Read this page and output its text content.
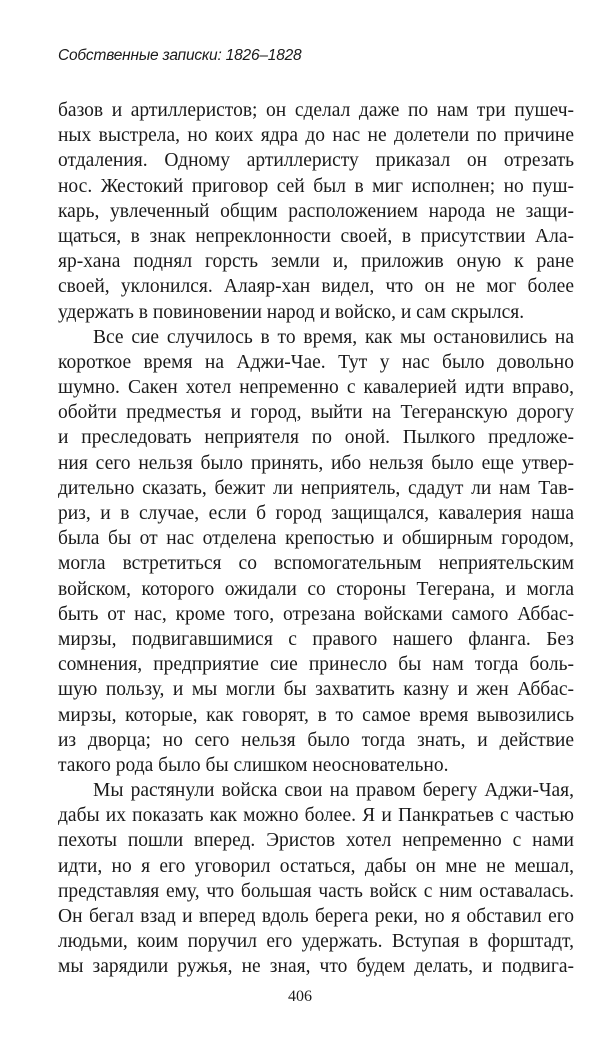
Собственные записки: 1826–1828
базов и артиллеристов; он сделал даже по нам три пушеч-
ных выстрела, но коих ядра до нас не долетели по причине
отдаления. Одному артиллеристу приказал он отрезать
нос. Жестокий приговор сей был в миг исполнен; но пуш-
карь, увлеченный общим расположением народа не защи-
щаться, в знак непреклонности своей, в присутствии Ала-
яр-хана поднял горсть земли и, приложив оную к ране
своей, уклонился. Алаяр-хан видел, что он не мог более
удержать в повиновении народ и войско, и сам скрылся.
Все сие случилось в то время, как мы остановились на
короткое время на Аджи-Чае. Тут у нас было довольно
шумно. Сакен хотел непременно с кавалерией идти вправо,
обойти предместья и город, выйти на Тегеранскую дорогу
и преследовать неприятеля по оной. Пылкого предложе-
ния сего нельзя было принять, ибо нельзя было еще утвер-
дительно сказать, бежит ли неприятель, сдадут ли нам Тав-
риз, и в случае, если б город защищался, кавалерия наша
была бы от нас отделена крепостью и обширным городом,
могла встретиться со вспомогательным неприятельским
войском, которого ожидали со стороны Тегерана, и могла
быть от нас, кроме того, отрезана войсками самого Аббас-
мирзы, подвигавшимися с правого нашего фланга. Без
сомнения, предприятие сие принесло бы нам тогда боль-
шую пользу, и мы могли бы захватить казну и жен Аббас-
мирзы, которые, как говорят, в то самое время вывозились
из дворца; но сего нельзя было тогда знать, и действие
такого рода было бы слишком неосновательно.
Мы растянули войска свои на правом берегу Аджи-Чая,
дабы их показать как можно более. Я и Панкратьев с частью
пехоты пошли вперед. Эристов хотел непременно с нами
идти, но я его уговорил остаться, дабы он мне не мешал,
представляя ему, что большая часть войск с ним оставалась.
Он бегал взад и вперед вдоль берега реки, но я обставил его
людьми, коим поручил его удержать. Вступая в форштадт,
мы зарядили ружья, не зная, что будем делать, и подвига-
406
